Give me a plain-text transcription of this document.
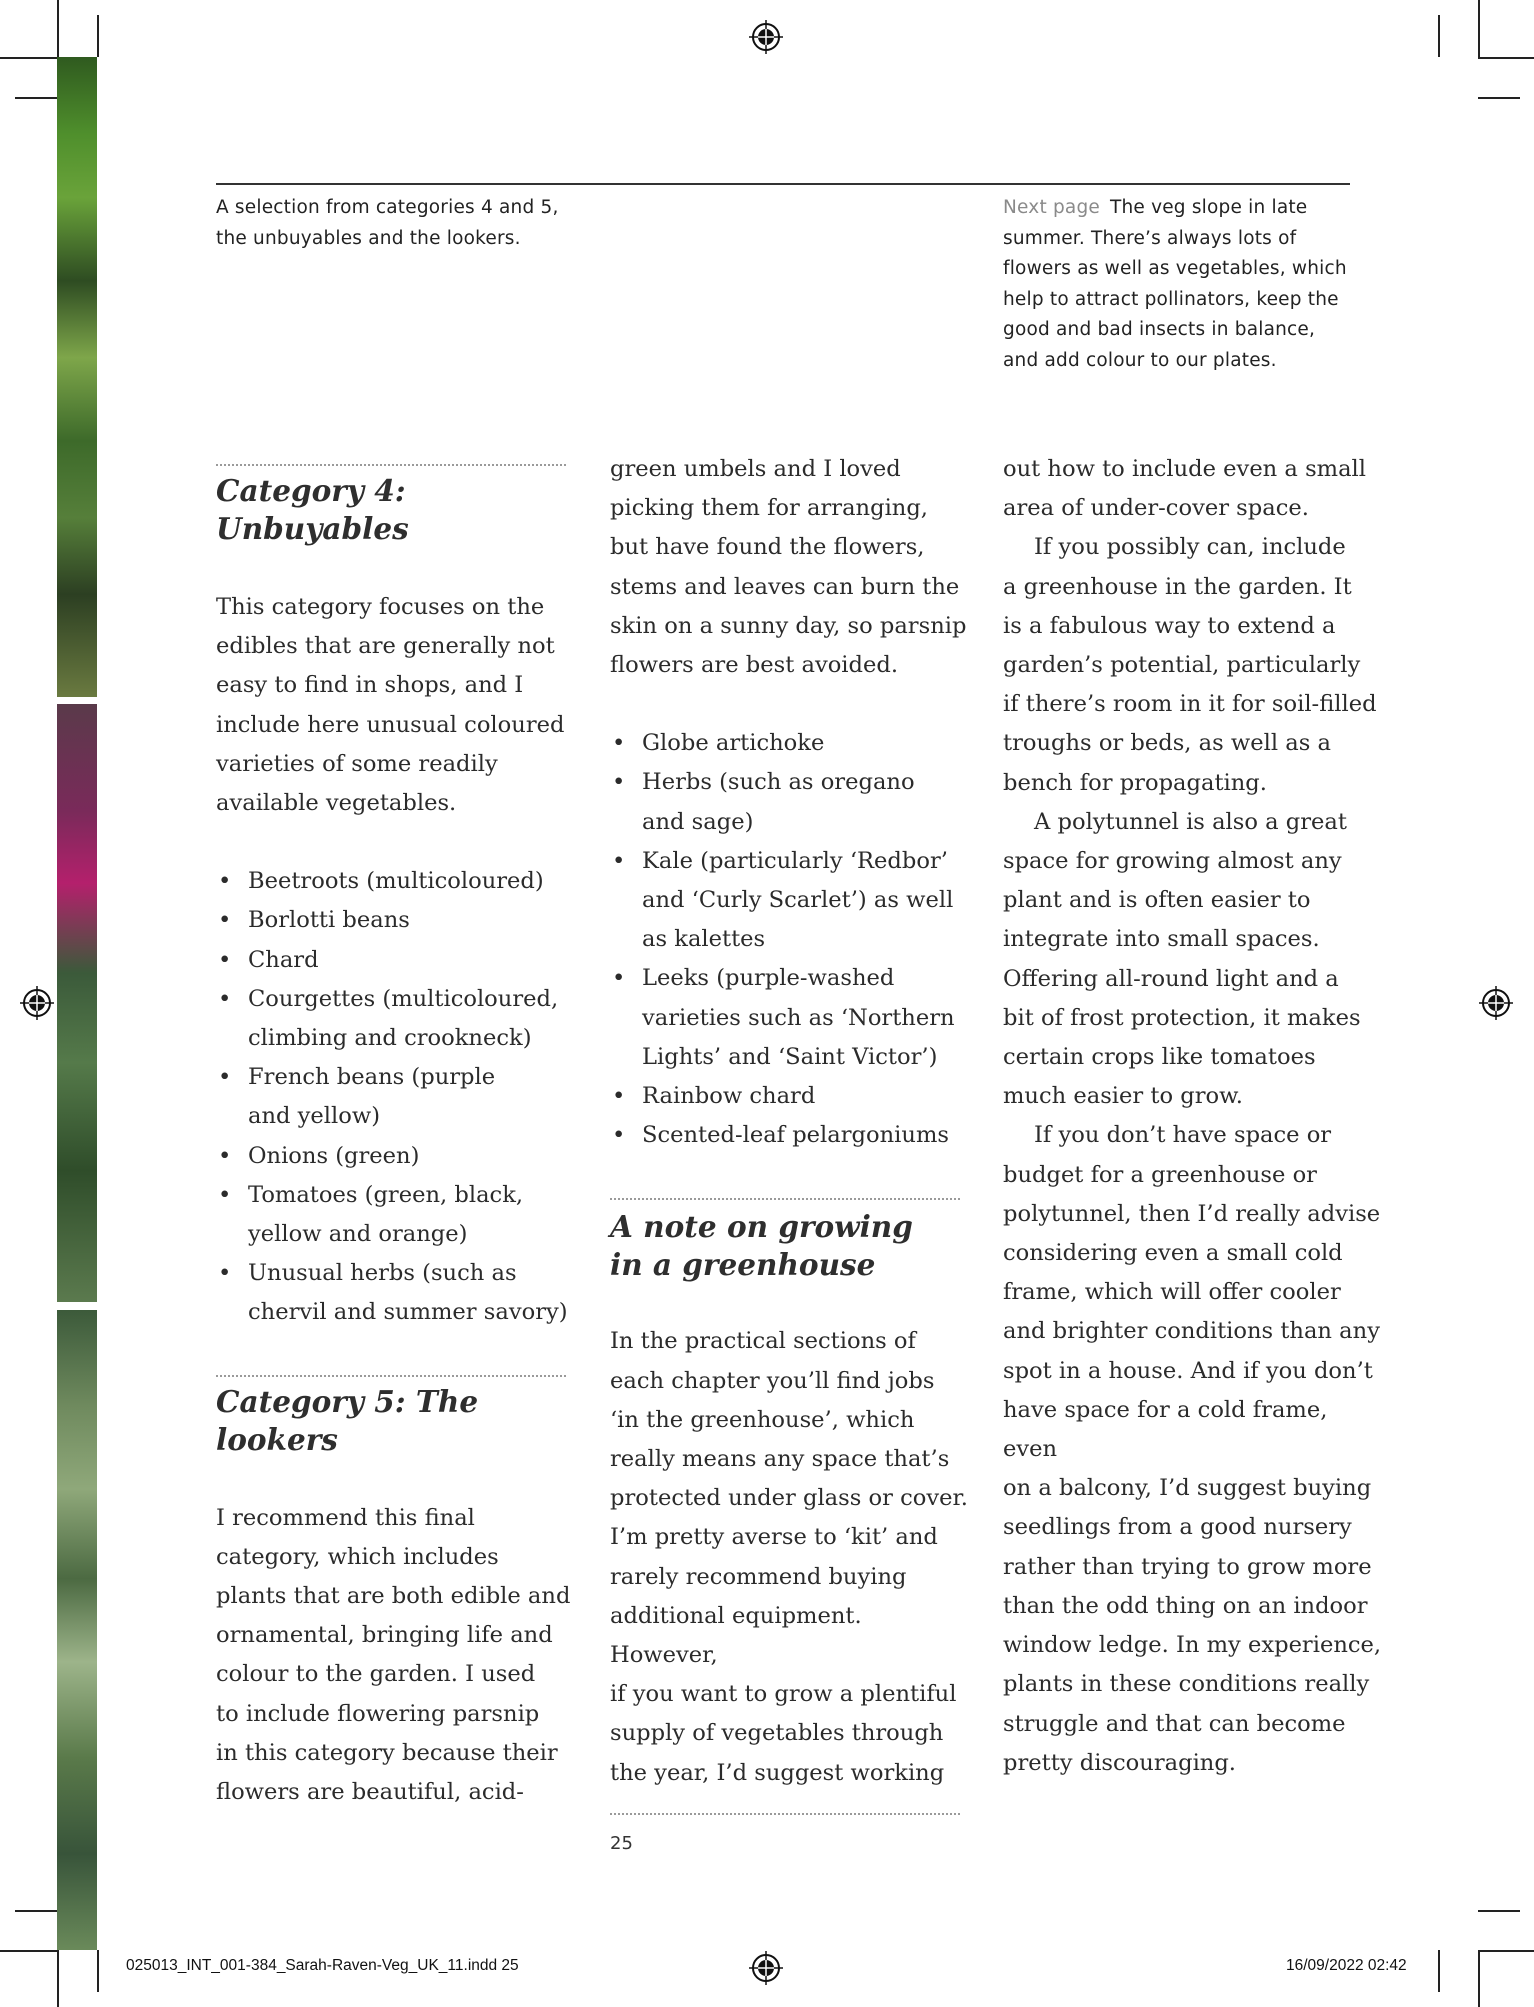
A selection from categories 4 and 5,
the unbuyables and the lookers.
Next page The veg slope in late
summer. There’s always lots of
flowers as well as vegetables, which
help to attract pollinators, keep the
good and bad insects in balance,
and add colour to our plates.
Category 4: Unbuyables

This category focuses on the

edibles that are generally not

easy to find in shops, and I

include here unusual coloured

varieties of some readily

available vegetables.

• Beetroots (multicoloured)
• Borlotti beans
• Chard
• Courgettes (multicoloured,
climbing and crookneck)
• French beans (purple
and yellow)
• Onions (green)
• Tomatoes (green, black,
yellow and orange)
• Unusual herbs (such as
chervil and summer savory)
Category 5: The lookers

I recommend this final

category, which includes

plants that are both edible and

ornamental, bringing life and

colour to the garden. I used

to include flowering parsnip

in this category because their

flowers are beautiful, acid-

green umbels and I loved

picking them for arranging,

but have found the flowers,

stems and leaves can burn the

skin on a sunny day, so parsnip

flowers are best avoided.

• Globe artichoke
• Herbs (such as oregano
and sage)
• Kale (particularly ‘Redbor’
and ‘Curly Scarlet’) as well
as kalettes
• Leeks (purple-washed
varieties such as ‘Northern
Lights’ and ‘Saint Victor’)
• Rainbow chard
• Scented-leaf pelargoniums
A note on growing
in a greenhouse

In the practical sections of

each chapter you’ll find jobs

‘in the greenhouse’, which

really means any space that’s

protected under glass or cover.

I’m pretty averse to ‘kit’ and

rarely recommend buying

additional equipment. However,

if you want to grow a plentiful

supply of vegetables through

the year, I’d suggest working

out how to include even a small

area of under-cover space.

If you possibly can, include

a greenhouse in the garden. It

is a fabulous way to extend a

garden’s potential, particularly

if there’s room in it for soil-filled

troughs or beds, as well as a

bench for propagating.

A polytunnel is also a great

space for growing almost any

plant and is often easier to

integrate into small spaces.

Offering all-round light and a

bit of frost protection, it makes

certain crops like tomatoes

much easier to grow.

If you don’t have space or

budget for a greenhouse or

polytunnel, then I’d really advise

considering even a small cold

frame, which will offer cooler

and brighter conditions than any

spot in a house. And if you don’t

have space for a cold frame, even

on a balcony, I’d suggest buying

seedlings from a good nursery

rather than trying to grow more

than the odd thing on an indoor

window ledge. In my experience,

plants in these conditions really

struggle and that can become

pretty discouraging.

25
025013_INT_001-384_Sarah-Raven-Veg_UK_11.indd 25	16/09/2022 02:42
